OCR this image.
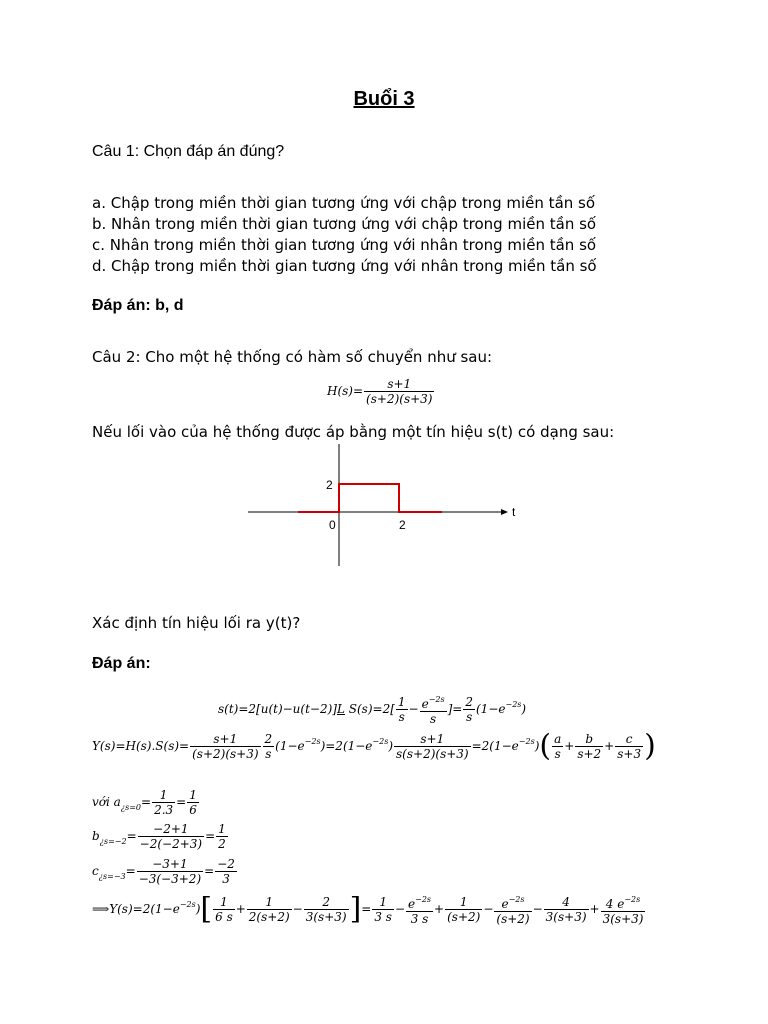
Buổi 3
Câu 1: Chọn đáp án đúng?
a. Chập trong miền thời gian tương ứng với chập trong miền tần số
b. Nhân trong miền thời gian tương ứng với chập trong miền tần số
c. Nhân trong miền thời gian tương ứng với nhân trong miền tần số
d. Chập trong miền thời gian tương ứng với nhân trong miền tần số
Đáp án: b, d
Câu 2: Cho một hệ thống có hàm số chuyển như sau:
$H(s)= \frac{s+1}{(s+2)(s+3)}$
Nếu lối vào của hệ thống được áp bằng một tín hiệu s(t) có dạng sau:
2
0	2
t
Xác định tín hiệu lối ra y(t)?
Đáp án:
s(t)=2[u(t)−u(t−2)]L $S(s)=2[ \frac{1}{s} - \frac{e^{-2s}}{s}$ ]= $\frac{2}{s} (1-e^{-2s})$
$Y(s)=H(s).S(s)= \frac{s+1}{(s+2)(s+3)} \frac{2}{s} (1-e^{-2s})=2(1-e^{-2s}) \frac{s+1}{s(s+2)(s+3)} =2(1-e^{-2s})( \frac{a}{s} + \frac{b}{s+2} + \frac{c}{s+3}$ )
với $a_{¿s=0}= \frac{1}{2.3} = \frac{1}{6}$
$b_{¿s=-2}= \frac{-2+1}{-2(-2+3)} = \frac{1}{2}$
$c_{¿s=-3}= \frac{-3+1}{-3(-3+2)} = \frac{-2}{3}$
$⟹Y(s)=2(1-e^{-2s})[ \frac{1}{6 s} + \frac{1}{2(s+2)} - \frac{2}{3(s+3)}$ ]= $\frac{1}{3 s} - \frac{e^{-2s}}{3 s} + \frac{1}{(s+2)} - \frac{e^{-2s}}{(s+2)} - \frac{4}{3(s+3)} + \frac{4 e^{-2s}}{3(s+3)}$
